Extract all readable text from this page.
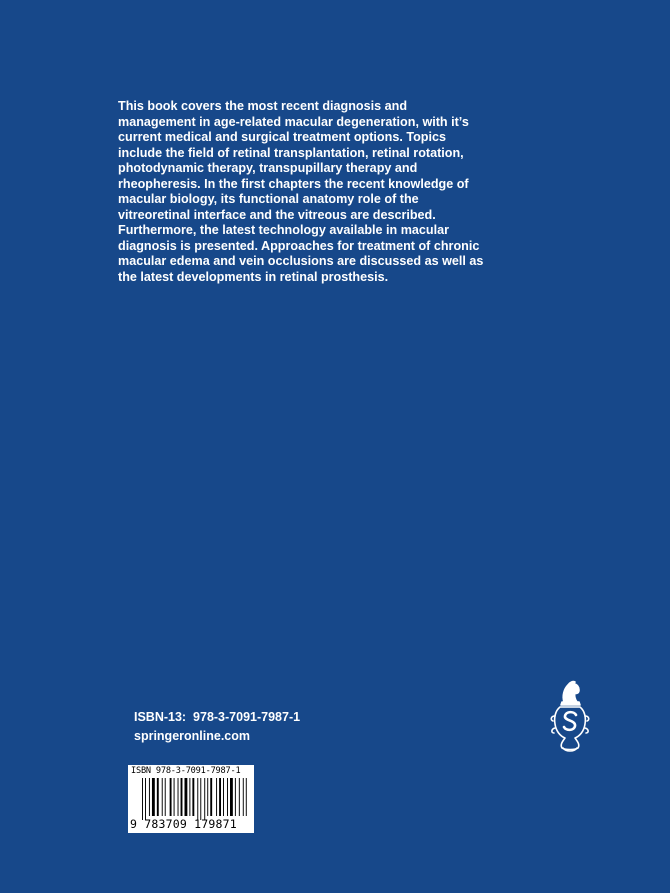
This book covers the most recent diagnosis and management in age-related macular degeneration, with it’s current medical and surgical treatment options. Topics include the field of retinal transplantation, retinal rotation, photodynamic therapy, transpupillary therapy and rheopheresis. In the first chapters the recent knowledge of macular biology, its functional anatomy role of the vitreoretinal interface and the vitreous are described. Furthermore, the latest technology available in macular diagnosis is presented. Approaches for treatment of chronic macular edema and vein occlusions are discussed as well as the latest developments in retinal prosthesis.

ISBN-13:  978-3-7091-7987-1
springeronline.com
ISBN 978-3-7091-7987-1
9 783709 179871
